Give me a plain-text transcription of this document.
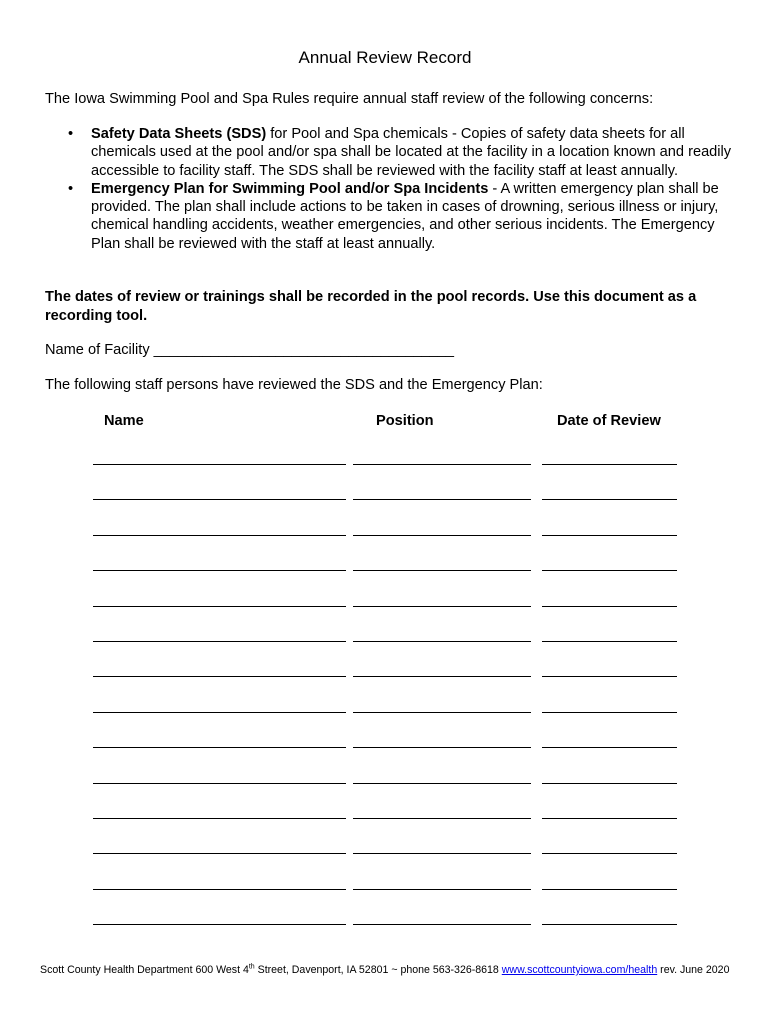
Annual Review Record

The Iowa Swimming Pool and Spa Rules require annual staff review of the following concerns:

• Safety Data Sheets (SDS) for Pool and Spa chemicals - Copies of safety data sheets for all chemicals used at the pool and/or spa shall be located at the facility in a location known and readily accessible to facility staff. The SDS shall be reviewed with the facility staff at least annually.
• Emergency Plan for Swimming Pool and/or Spa Incidents - A written emergency plan shall be provided. The plan shall include actions to be taken in cases of drowning, serious illness or injury, chemical handling accidents, weather emergencies, and other serious incidents. The Emergency Plan shall be reviewed with the staff at least annually.

The dates of review or trainings shall be recorded in the pool records. Use this document as a recording tool.

Name of Facility _____________________________________

The following staff persons have reviewed the SDS and the Emergency Plan:

Name	Position	Date of Review
Scott County Health Department 600 West 4th Street, Davenport, IA 52801 ~ phone 563-326-8618 www.scottcountyiowa.com/health rev. June 2020
